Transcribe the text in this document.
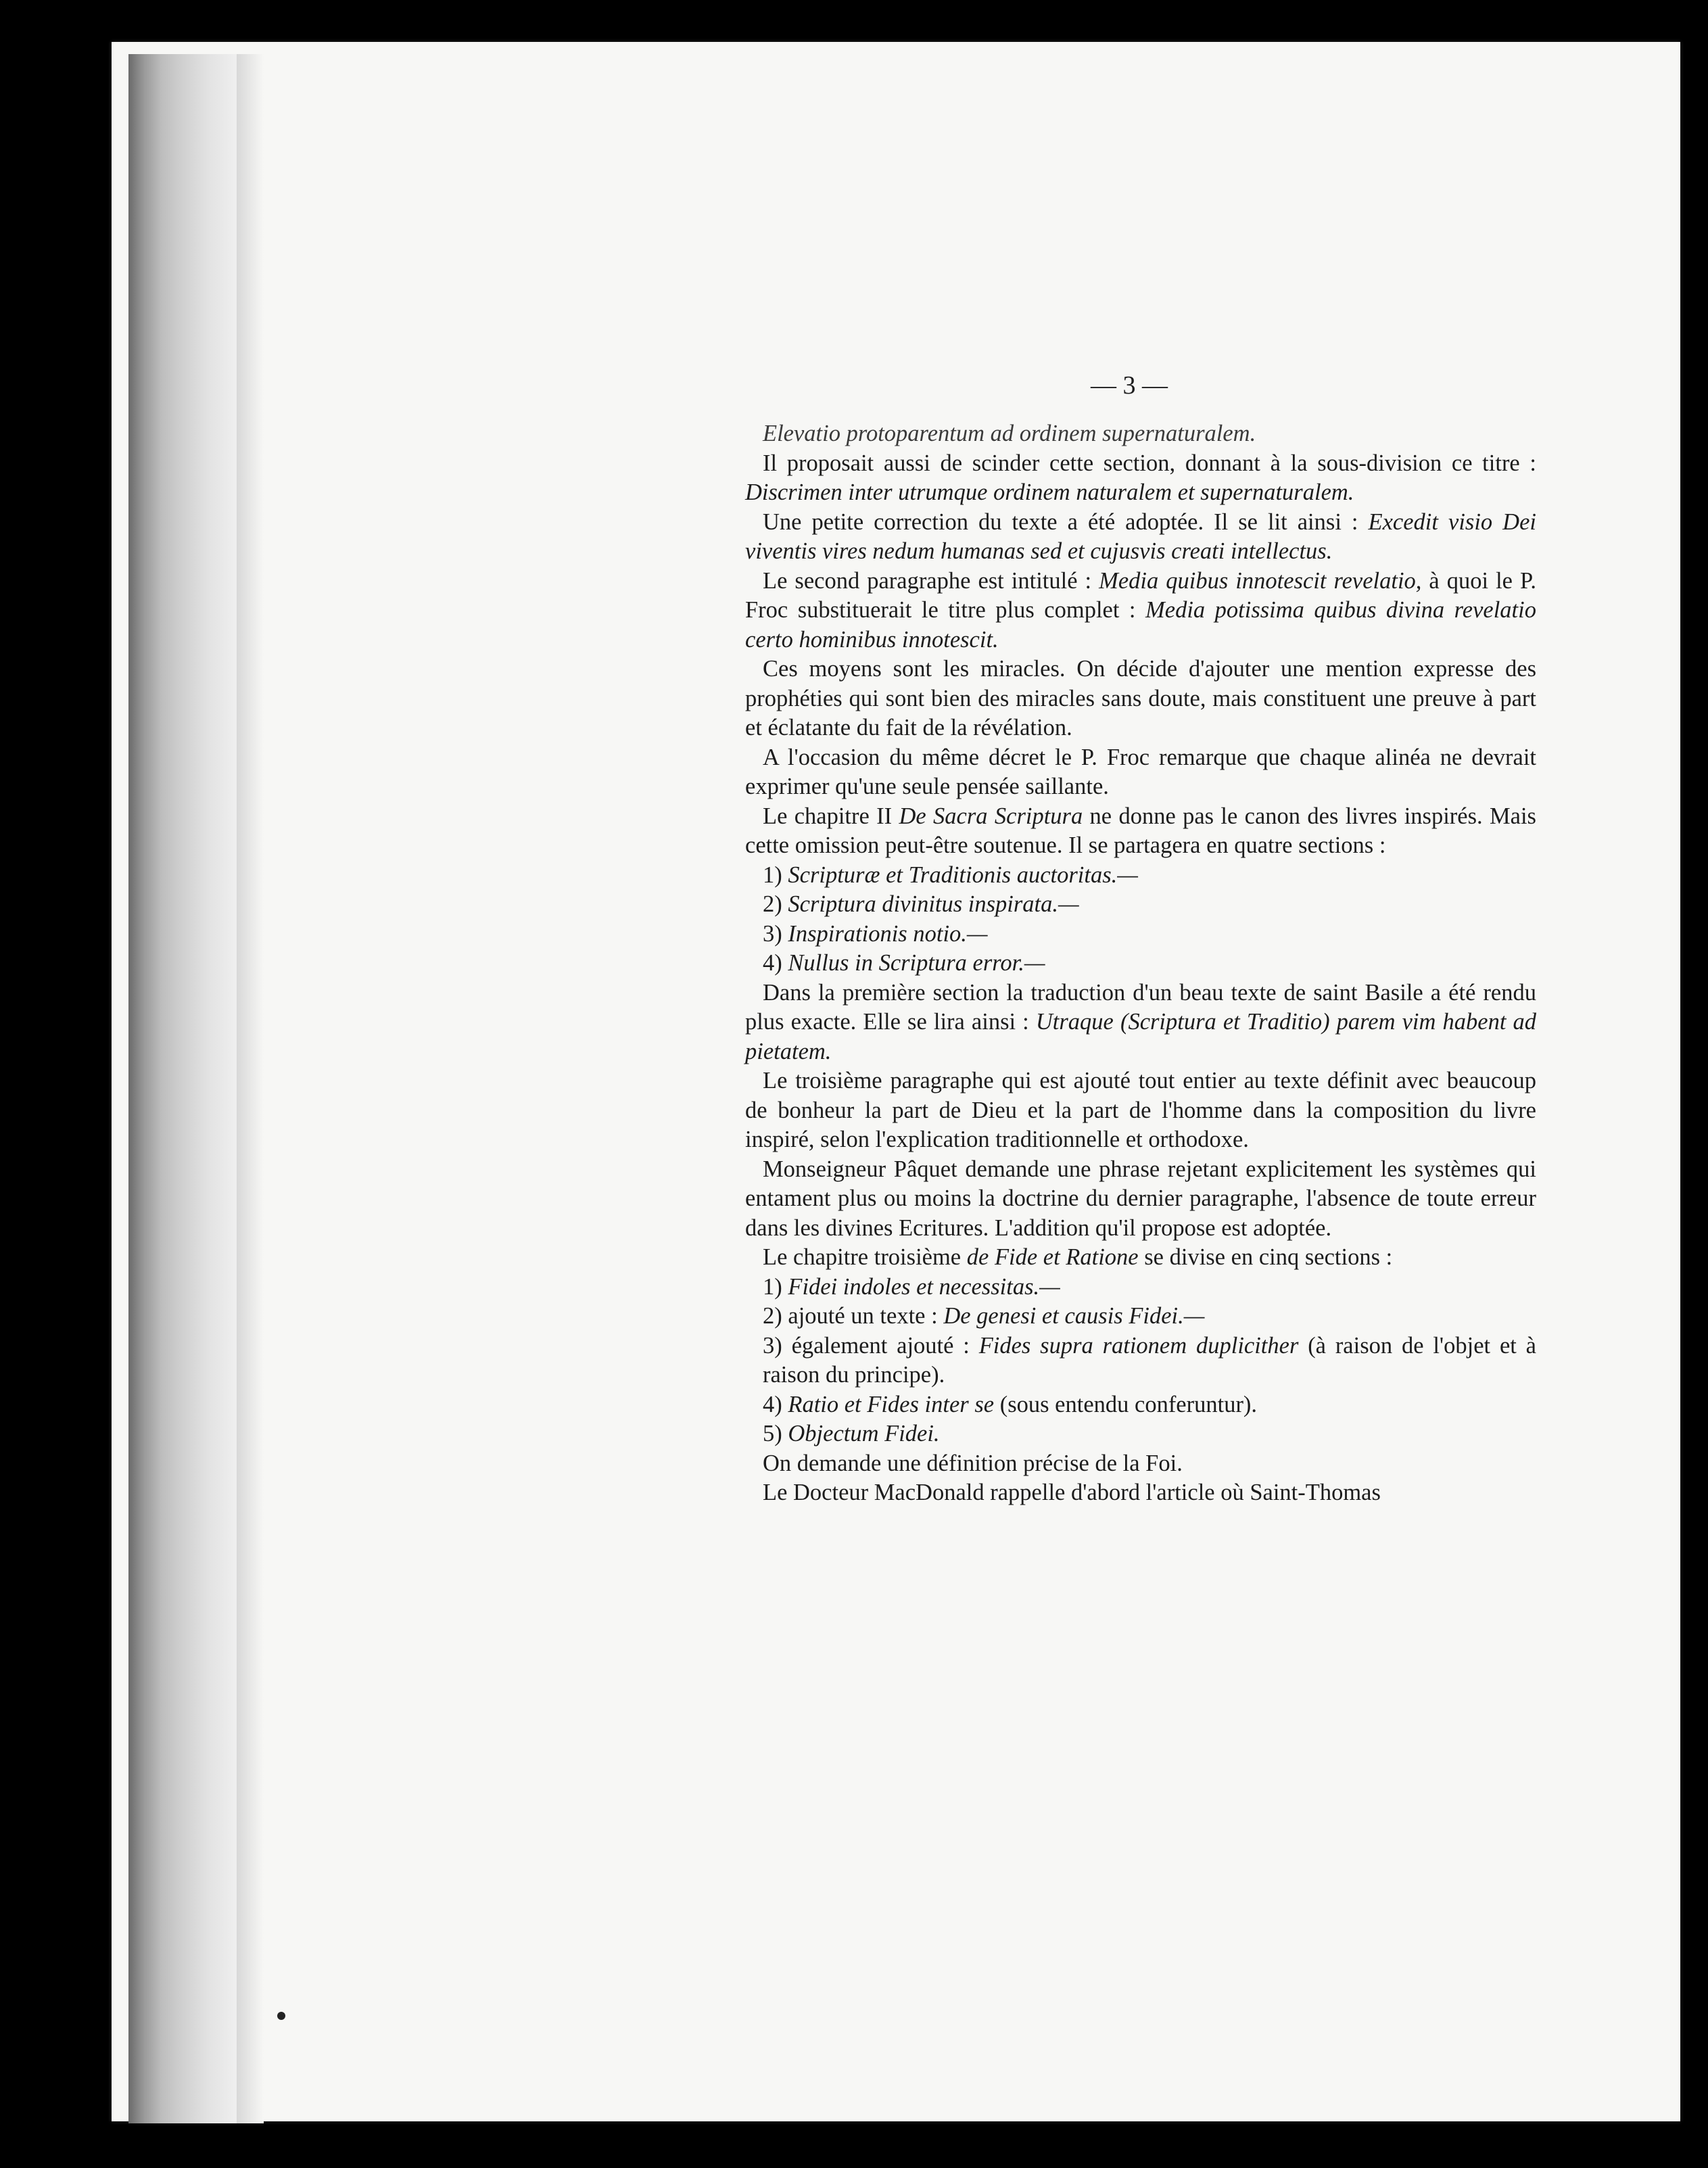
— 3 —

Elevatio protoparentum ad ordinem supernaturalem.

Il proposait aussi de scinder cette section, donnant à la sous-division ce titre : Discrimen inter utrumque ordinem naturalem et supernaturalem.

Une petite correction du texte a été adoptée. Il se lit ainsi : Excedit visio Dei viventis vires nedum humanas sed et cujusvis creati intellectus.

Le second paragraphe est intitulé : Media quibus innotescit revelatio, à quoi le P. Froc substituerait le titre plus complet : Media potissima quibus divina revelatio certo hominibus innotescit.

Ces moyens sont les miracles. On décide d'ajouter une mention expresse des prophéties qui sont bien des miracles sans doute, mais constituent une preuve à part et éclatante du fait de la révélation.

A l'occasion du même décret le P. Froc remarque que chaque alinéa ne devrait exprimer qu'une seule pensée saillante.

Le chapitre II De Sacra Scriptura ne donne pas le canon des livres inspirés. Mais cette omission peut-être soutenue. Il se partagera en quatre sections :

1) Scripturæ et Traditionis auctoritas.—

2) Scriptura divinitus inspirata.—

3) Inspirationis notio.—

4) Nullus in Scriptura error.—

Dans la première section la traduction d'un beau texte de saint Basile a été rendu plus exacte. Elle se lira ainsi : Utraque (Scriptura et Traditio) parem vim habent ad pietatem.

Le troisième paragraphe qui est ajouté tout entier au texte définit avec beaucoup de bonheur la part de Dieu et la part de l'homme dans la composition du livre inspiré, selon l'explication traditionnelle et orthodoxe.

Monseigneur Pâquet demande une phrase rejetant explicitement les systèmes qui entament plus ou moins la doctrine du dernier paragraphe, l'absence de toute erreur dans les divines Ecritures. L'addition qu'il propose est adoptée.

Le chapitre troisième de Fide et Ratione se divise en cinq sections :

1) Fidei indoles et necessitas.—

2) ajouté un texte : De genesi et causis Fidei.—

3) également ajouté : Fides supra rationem duplicither (à raison de l'objet et à raison du principe).

4) Ratio et Fides inter se (sous entendu conferuntur).

5) Objectum Fidei.

On demande une définition précise de la Foi.

Le Docteur MacDonald rappelle d'abord l'article où Saint-Thomas
